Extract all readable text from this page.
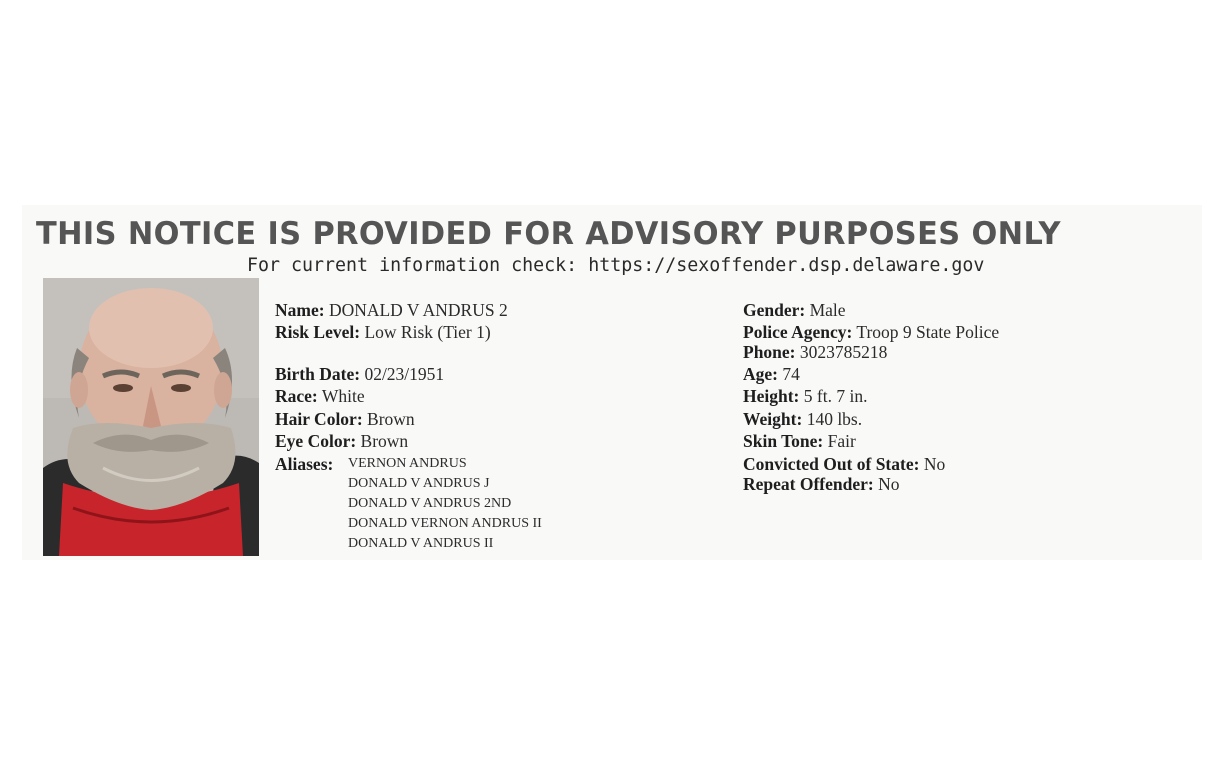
THIS NOTICE IS PROVIDED FOR ADVISORY PURPOSES ONLY
For current information check: https://sexoffender.dsp.delaware.gov
Name: DONALD V ANDRUS 2
Risk Level: Low Risk (Tier 1)
Birth Date: 02/23/1951
Race: White
Hair Color: Brown
Eye Color: Brown
Aliases: VERNON ANDRUS
DONALD V ANDRUS J
DONALD V ANDRUS 2ND
DONALD VERNON ANDRUS II
DONALD V ANDRUS II
Gender: Male
Police Agency: Troop 9 State Police
Phone: 3023785218
Age: 74
Height: 5 ft. 7 in.
Weight: 140 lbs.
Skin Tone: Fair
Convicted Out of State: No
Repeat Offender: No
